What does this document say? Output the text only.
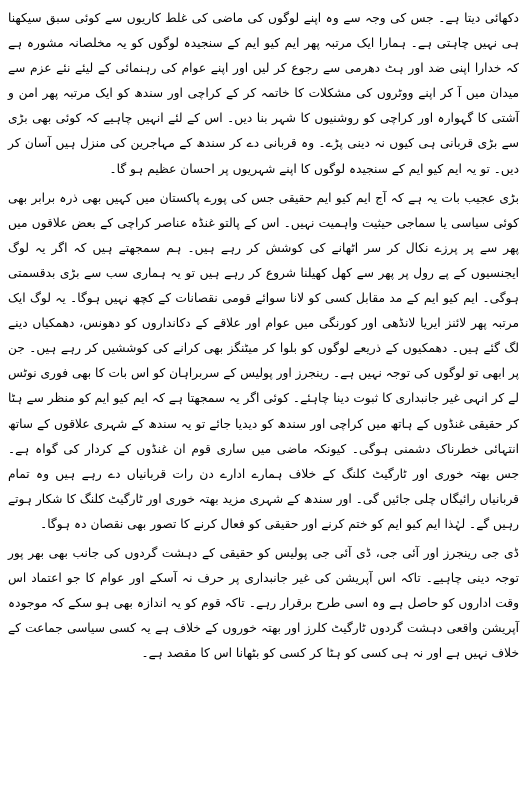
دکھائی دیتا ہے۔ جس کی وجہ سے وہ اپنے لوگوں کی ماضی کی غلط کاریوں سے کوئی سبق سیکھنا ہی نہیں چاہتی ہے۔ ہمارا ایک مرتبہ پھر ایم کیو ایم کے سنجیدہ لوگوں کو یہ مخلصانہ مشورہ ہے کہ خدارا اپنی ضد اور ہٹ دھرمی سے رجوع کر لیں اور اپنے عوام کی رہنمائی کے لیئے نئے عزم سے میدان میں آ کر اپنے ووٹروں کی مشکلات کا خاتمہ کر کے کراچی اور سندھ کو ایک مرتبہ پھر امن و آشتی کا گہوارہ اور کراچی کو روشنیوں کا شہر بنا دیں۔ اس کے لئے انہیں چاہیے کہ کوئی بھی بڑی سے بڑی قربانی ہی کیوں نہ دینی پڑے۔ وہ قربانی دے کر سندھ کے مہاجرین کی منزل ہیں آسان کر دیں۔ تو یہ ایم کیو ایم کے سنجیدہ لوگوں کا اپنے شہریوں پر احسان عظیم ہو گا۔

بڑی عجیب بات یہ ہے کہ آج ایم کیو ایم حقیقی جس کی پورے پاکستان میں کہیں بھی ذرہ برابر بھی کوئی سیاسی یا سماجی حیثیت واہمیت نہیں۔ اس کے پالتو غنڈہ عناصر کراچی کے بعض علاقوں میں پھر سے پر پرزے نکال کر سر اٹھانے کی کوشش کر رہے ہیں۔ ہم سمجھتے ہیں کہ اگر یہ لوگ ایجنسیوں کے پے رول پر پھر سے کھل کھیلنا شروع کر رہے ہیں تو یہ ہماری سب سے بڑی بدقسمتی ہوگی۔ ایم کیو ایم کے مد مقابل کسی کو لانا سوائے قومی نقصانات کے کچھ نہیں ہوگا۔ یہ لوگ ایک مرتبہ پھر لائنز ایریا لانڈھی اور کورنگی میں عوام اور علاقے کے دکانداروں کو دھونس، دھمکیاں دینے لگ گئے ہیں۔ دھمکیوں کے ذریعے لوگوں کو بلوا کر میٹنگز بھی کرانے کی کوششیں کر رہے ہیں۔ جن پر ابھی تو لوگوں کی توجہ نہیں ہے۔ رینجرز اور پولیس کے سربراہان کو اس بات کا بھی فوری نوٹس لے کر انہی غیر جانبداری کا ثبوت دینا چاہئے۔ کوئی اگر یہ سمجھتا ہے کہ ایم کیو ایم کو منظر سے ہٹا کر حقیقی غنڈوں کے ہاتھ میں کراچی اور سندھ کو دیدیا جائے تو یہ سندھ کے شہری علاقوں کے ساتھ انتہائی خطرناک دشمنی ہوگی۔ کیونکہ ماضی میں ساری قوم ان غنڈوں کے کردار کی گواہ ہے۔ جس بھتہ خوری اور ٹارگیٹ کلنگ کے خلاف ہمارے ادارے دن رات قربانیاں دے رہے ہیں وہ تمام قربانیاں رائیگاں چلی جائیں گی۔ اور سندھ کے شہری مزید بھتہ خوری اور ٹارگیٹ کلنگ کا شکار ہوتے رہیں گے۔ لہٰذا ایم کیو ایم کو ختم کرنے اور حقیقی کو فعال کرنے کا تصور بھی نقصان دہ ہوگا۔

ڈی جی رینجرز اور آئی جی، ڈی آئی جی پولیس کو حقیقی کے دہشت گردوں کی جانب بھی بھر پور توجہ دینی چاہیے۔ تاکہ اس آپریشن کی غیر جانبداری پر حرف نہ آسکے اور عوام کا جو اعتماد اس وقت اداروں کو حاصل ہے وہ اسی طرح برقرار رہے۔ تاکہ قوم کو یہ اندازہ بھی ہو سکے کہ موجودہ آپریشن واقعی دہشت گردوں ٹارگیٹ کلرز اور بھتہ خوروں کے خلاف ہے یہ کسی سیاسی جماعت کے خلاف نہیں ہے اور نہ ہی کسی کو ہٹا کر کسی کو بٹھانا اس کا مقصد ہے۔
